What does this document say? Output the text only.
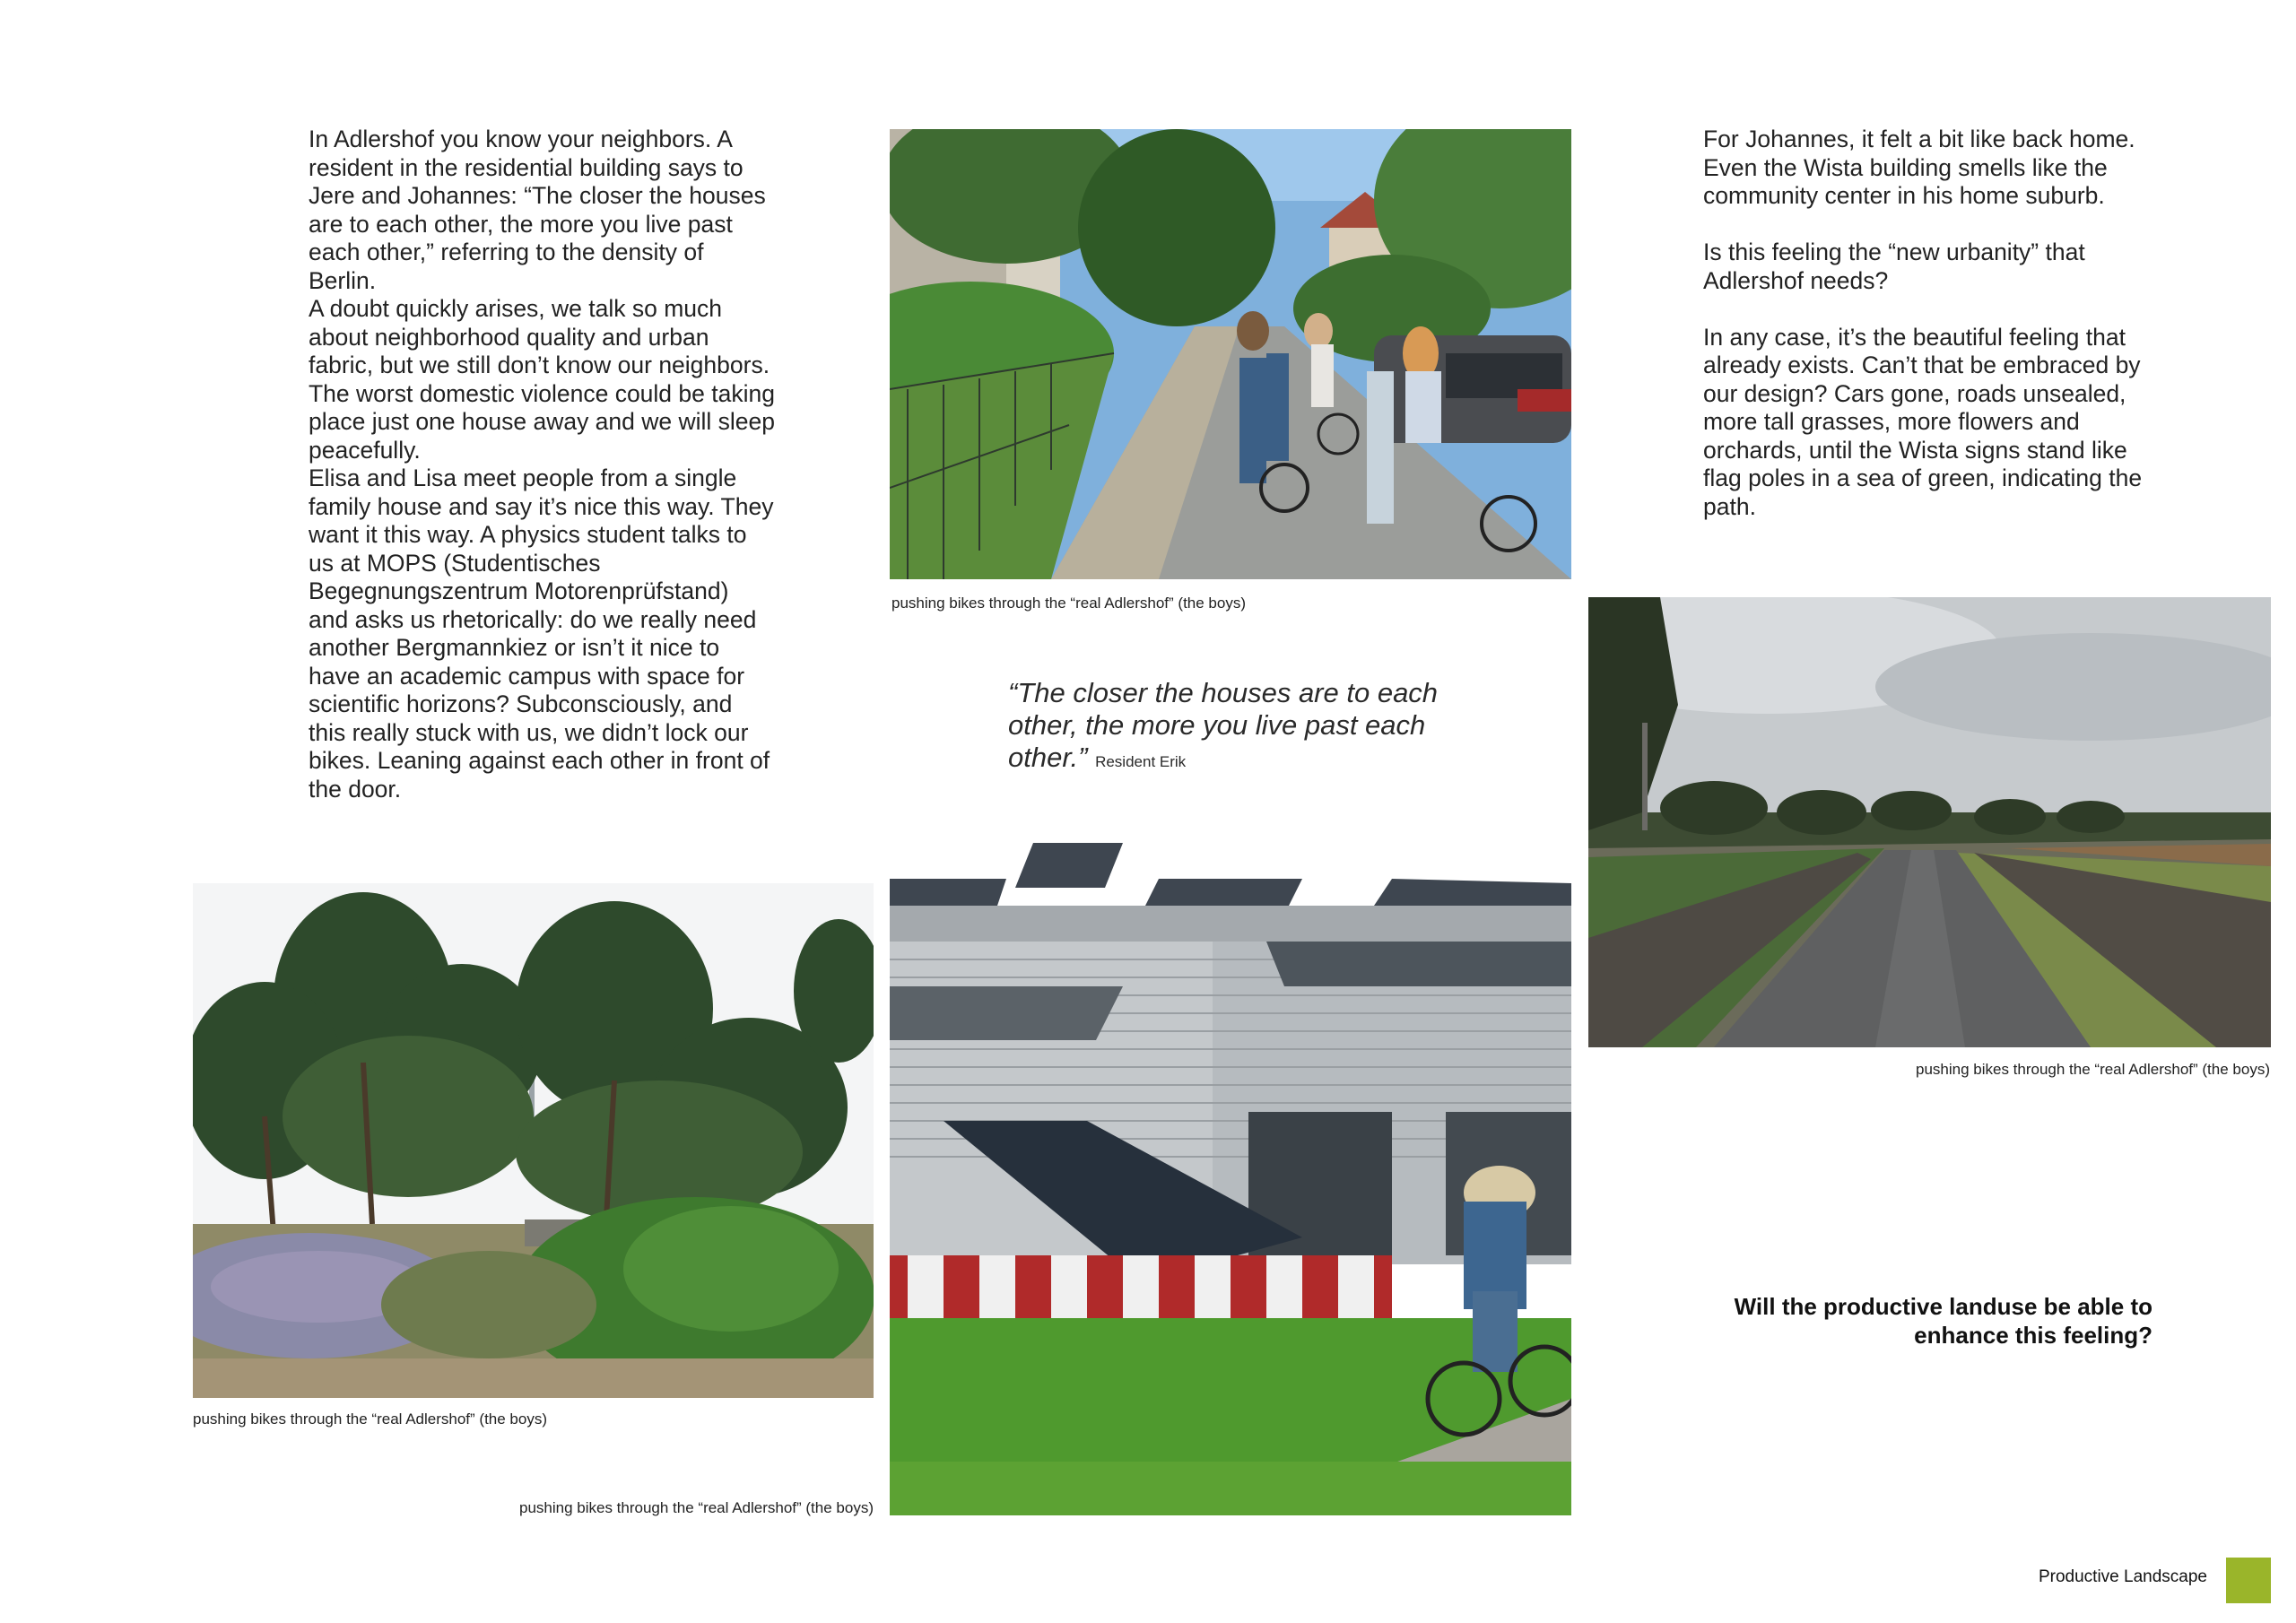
In Adlershof you know your neighbors. A resident in the residential building says to Jere and Johannes: “The closer the houses are to each other, the more you live past each other,” referring to the density of Berlin.

A doubt quickly arises, we talk so much about neighborhood quality and urban fabric, but we still don’t know our neighbors. The worst domestic violence could be taking place just one house away and we will sleep peacefully.

Elisa and Lisa meet people from a single family house and say it’s nice this way. They want it this way. A physics student talks to us at MOPS (Studentisches Begegnungszentrum Motorenprüfstand) and asks us rhetorically: do we really need another Bergmannkiez or isn’t it nice to have an academic campus with space for scientific horizons? Subconsciously, and this really stuck with us, we didn’t lock our bikes. Leaning against each other in front of the door.

For Johannes, it felt a bit like back home. Even the Wista building smells like the community center in his home suburb.

Is this feeling the “new urbanity” that Adlershof needs?

In any case, it’s the beautiful feeling that already exists. Can’t that be embraced by our design? Cars gone, roads unsealed, more tall grasses, more flowers and orchards, until the Wista signs stand like flag poles in a sea of green, indicating the path.

pushing bikes through the “real Adlershof” (the boys)
“The closer the houses are to each other, the more you live past each other.” Resident Erik
pushing bikes through the “real Adlershof” (the boys)
pushing bikes through the “real Adlershof” (the boys)
pushing bikes through the “real Adlershof” (the boys)
Will the productive landuse be able to
enhance this feeling?
Productive Landscape
